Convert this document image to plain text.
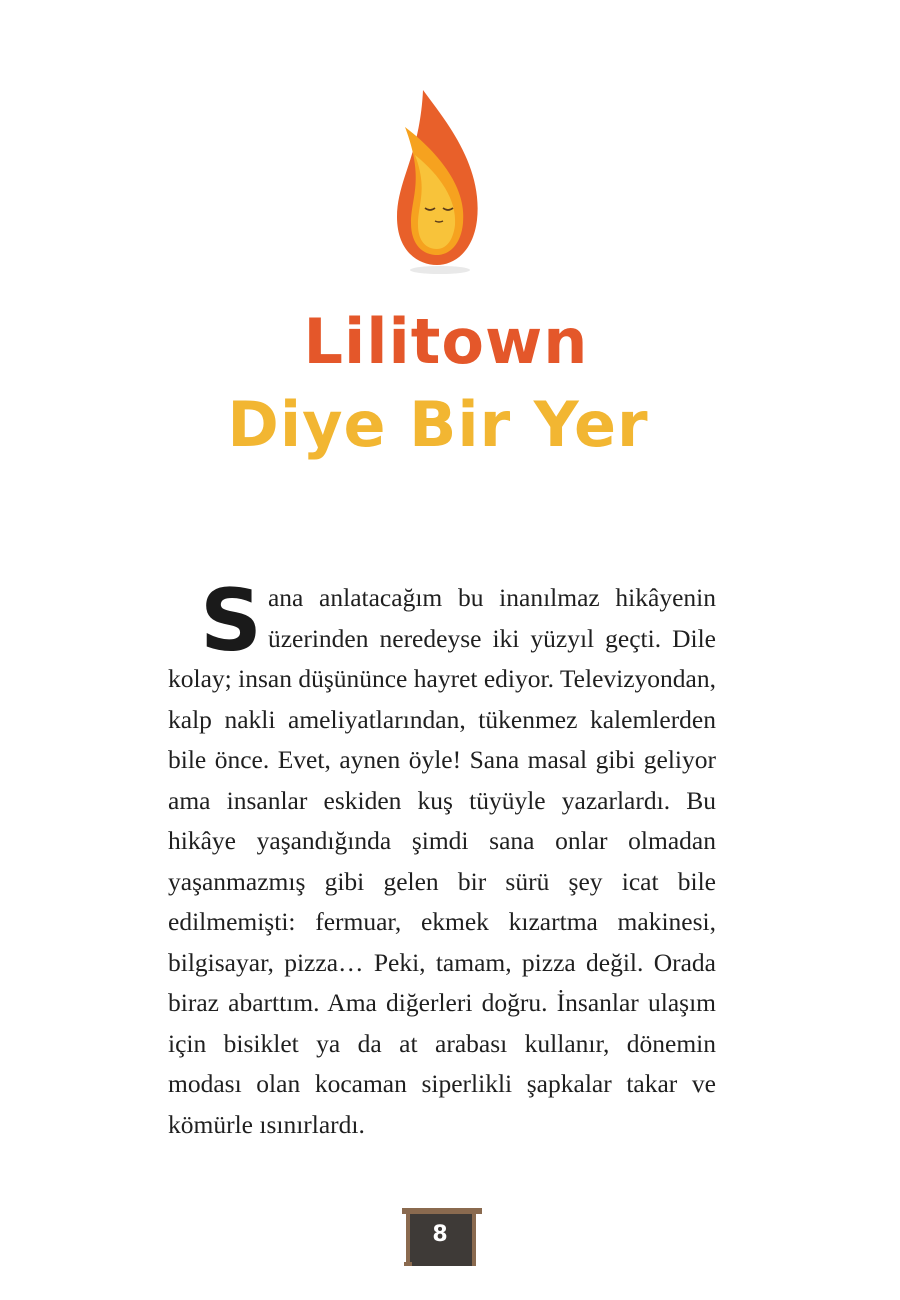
Lilitown
Diye Bir Yer
S ana anlatacağım bu inanılmaz hikâyenin üzerinden neredeyse iki yüzyıl geçti. Dile kolay; insan düşününce hayret ediyor. Televizyondan, kalp nakli ameliyatlarından, tükenmez kalemlerden bile önce. Evet, aynen öyle! Sana masal gibi geliyor ama insanlar eskiden kuş tüyüyle yazarlardı. Bu hikâye yaşandığında şimdi sana onlar olmadan yaşanmazmış gibi gelen bir sürü şey icat bile edilmemişti: fermuar, ekmek kızartma makinesi, bilgisayar, pizza… Peki, tamam, pizza değil. Orada biraz abarttım. Ama diğerleri doğru. İnsanlar ulaşım için bisiklet ya da at arabası kullanır, dönemin modası olan kocaman siperlikli şapkalar takar ve kömürle ısınırlardı.
8
